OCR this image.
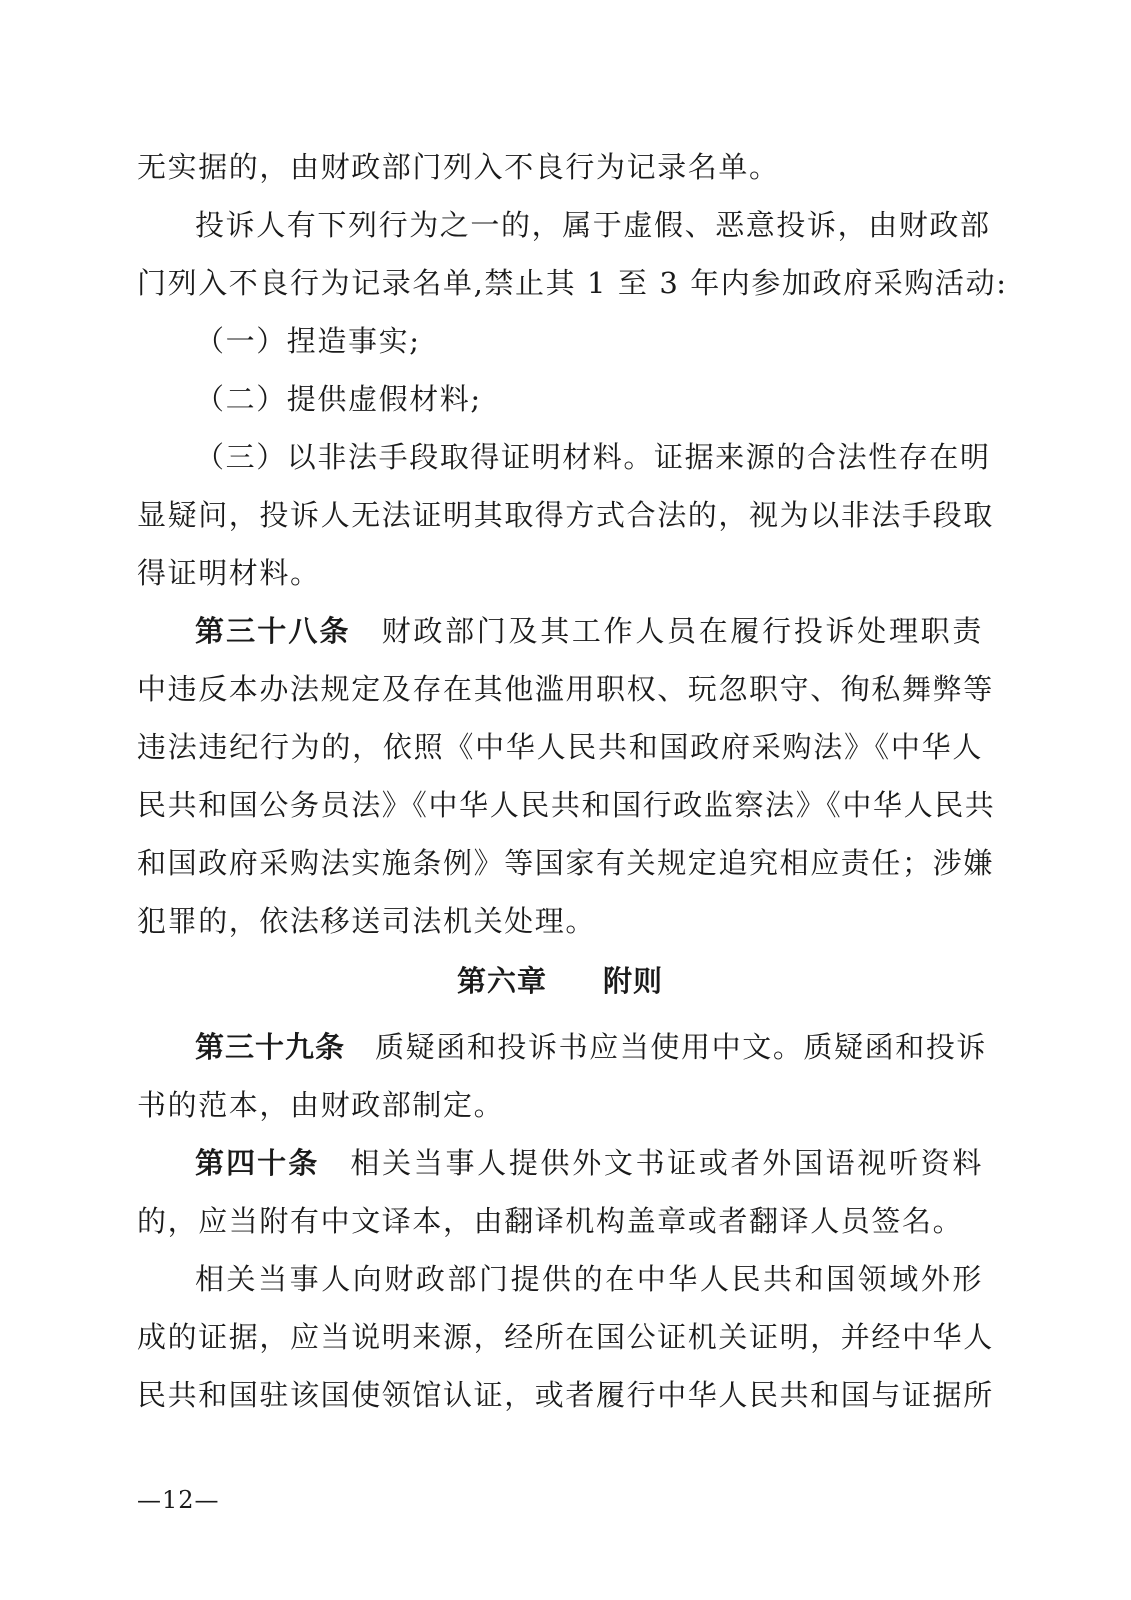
无实据的，由财政部门列入不良行为记录名单。
投诉人有下列行为之一的，属于虚假、恶意投诉，由财政部
门列入不良行为记录名单,禁止其 1 至 3 年内参加政府采购活动:
（一）捏造事实;
（二）提供虚假材料;
（三）以非法手段取得证明材料。证据来源的合法性存在明
显疑问，投诉人无法证明其取得方式合法的，视为以非法手段取
得证明材料。
第三十八条 财政部门及其工作人员在履行投诉处理职责
中违反本办法规定及存在其他滥用职权、玩忽职守、徇私舞弊等
违法违纪行为的，依照《中华人民共和国政府采购法》《中华人
民共和国公务员法》《中华人民共和国行政监察法》《中华人民共
和国政府采购法实施条例》等国家有关规定追究相应责任；涉嫌
犯罪的，依法移送司法机关处理。
第六章 附则
第三十九条 质疑函和投诉书应当使用中文。质疑函和投诉
书的范本，由财政部制定。
第四十条 相关当事人提供外文书证或者外国语视听资料
的，应当附有中文译本，由翻译机构盖章或者翻译人员签名。
相关当事人向财政部门提供的在中华人民共和国领域外形
成的证据，应当说明来源，经所在国公证机关证明，并经中华人
民共和国驻该国使领馆认证，或者履行中华人民共和国与证据所
—12—
